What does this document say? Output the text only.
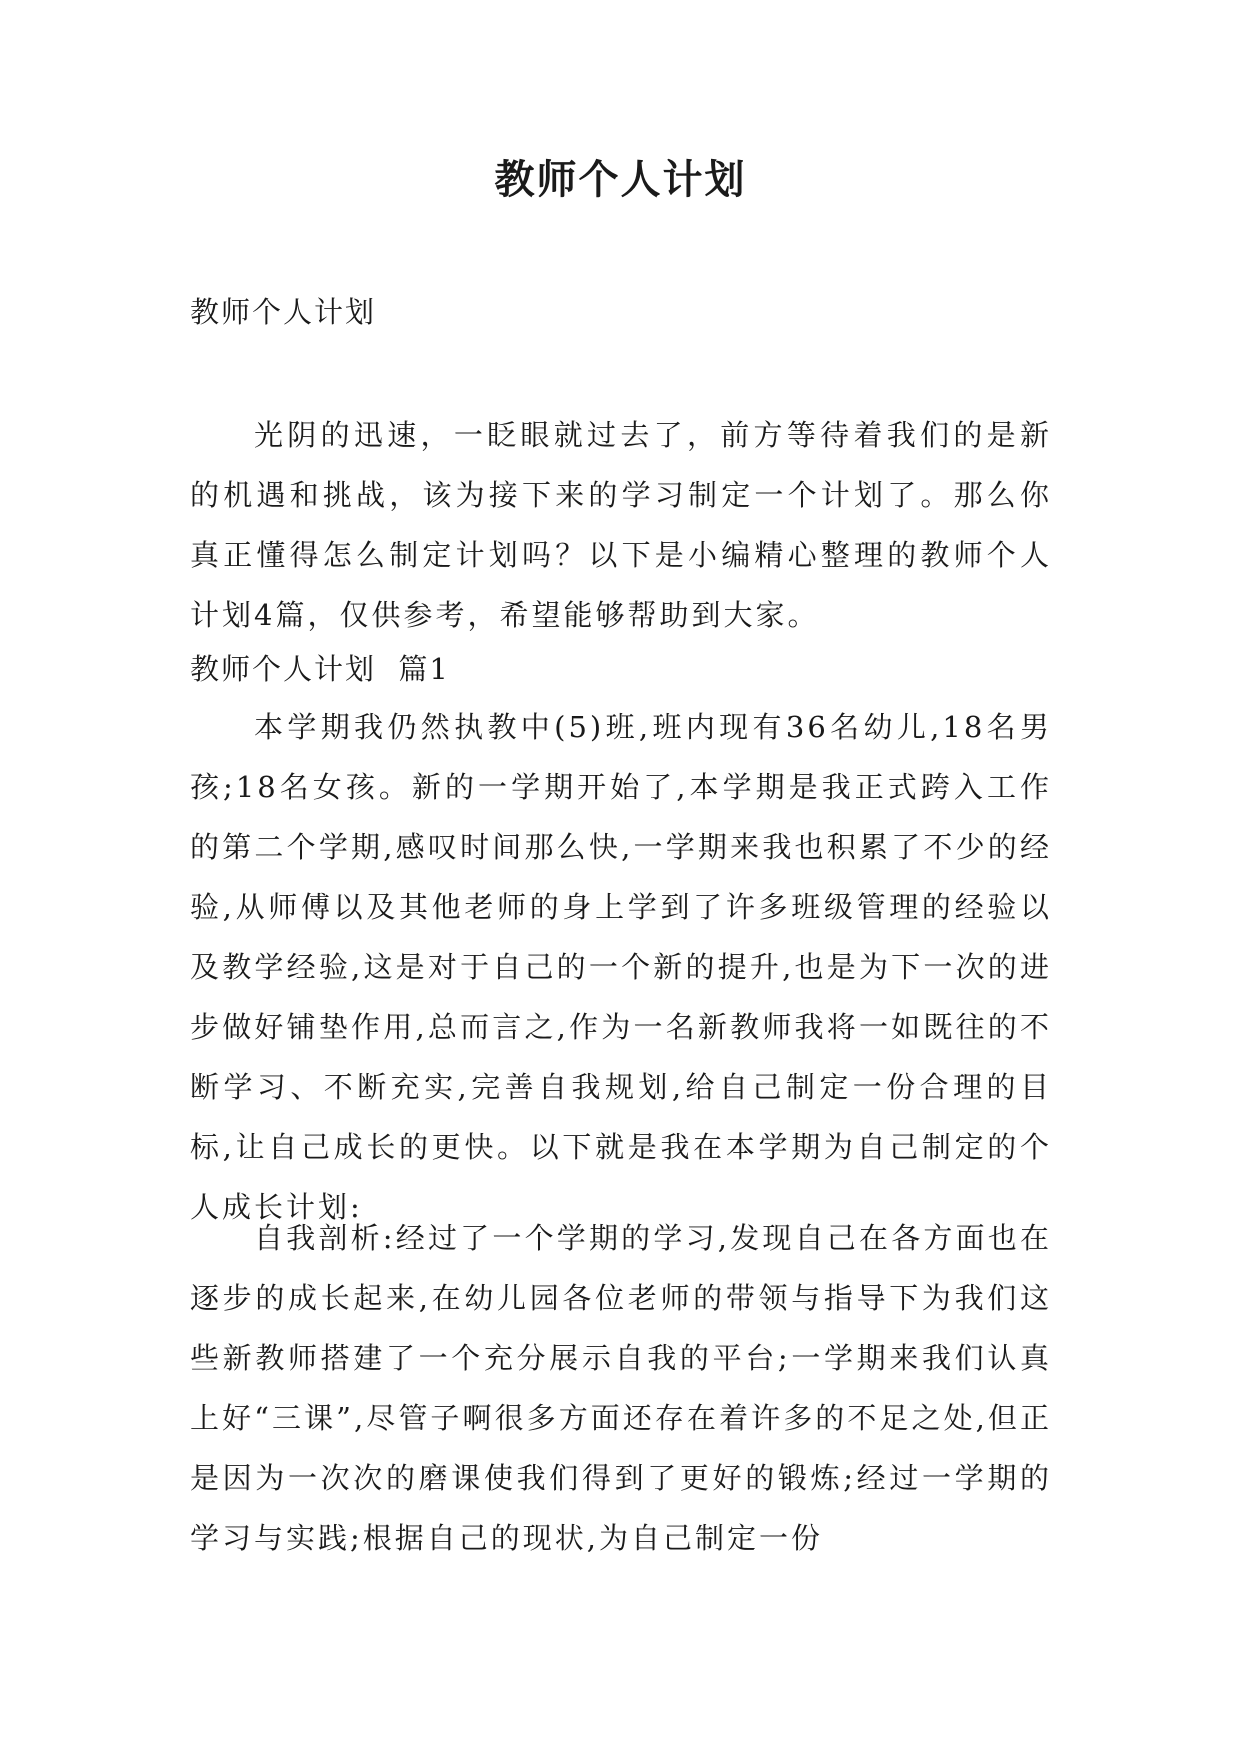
教师个人计划

教师个人计划

光阴的迅速，一眨眼就过去了，前方等待着我们的是新的机遇和挑战，该为接下来的学习制定一个计划了。那么你真正懂得怎么制定计划吗？以下是小编精心整理的教师个人计划4篇，仅供参考，希望能够帮助到大家。

教师个人计划  篇1

本学期我仍然执教中(5)班,班内现有36名幼儿,18名男孩;18名女孩。新的一学期开始了,本学期是我正式跨入工作的第二个学期,感叹时间那么快,一学期来我也积累了不少的经验,从师傅以及其他老师的身上学到了许多班级管理的经验以及教学经验,这是对于自己的一个新的提升,也是为下一次的进步做好铺垫作用,总而言之,作为一名新教师我将一如既往的不断学习、不断充实,完善自我规划,给自己制定一份合理的目标,让自己成长的更快。以下就是我在本学期为自己制定的个人成长计划:

自我剖析:经过了一个学期的学习,发现自己在各方面也在逐步的成长起来,在幼儿园各位老师的带领与指导下为我们这些新教师搭建了一个充分展示自我的平台;一学期来我们认真上好“三课”,尽管子啊很多方面还存在着许多的不足之处,但正是因为一次次的磨课使我们得到了更好的锻炼;经过一学期的学习与实践;根据自己的现状,为自己制定一份
